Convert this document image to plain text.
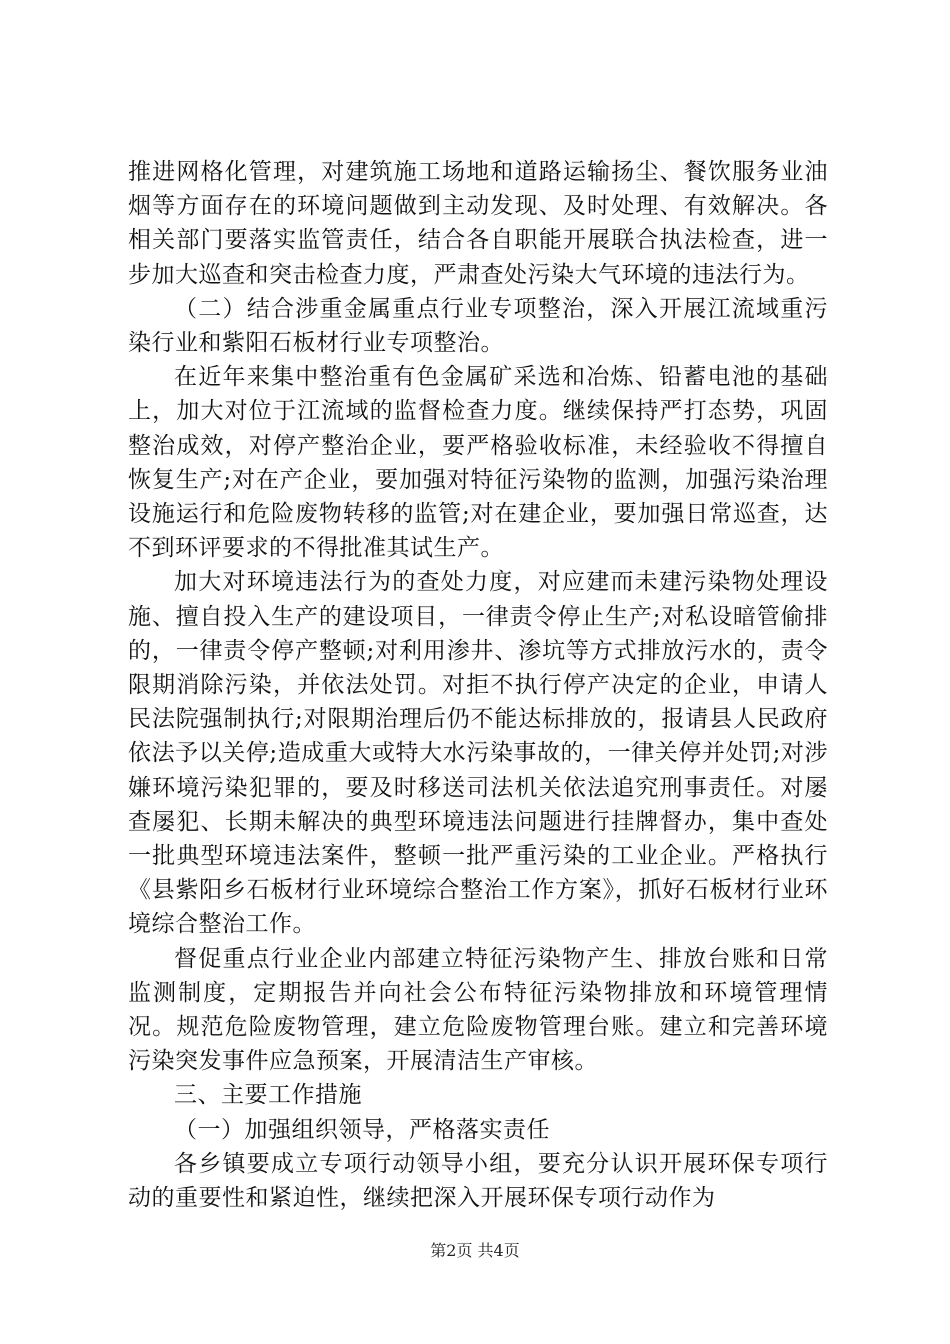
推进网格化管理，对建筑施工场地和道路运输扬尘、餐饮服务业油烟等方面存在的环境问题做到主动发现、及时处理、有效解决。各相关部门要落实监管责任，结合各自职能开展联合执法检查，进一步加大巡查和突击检查力度，严肃查处污染大气环境的违法行为。

（二）结合涉重金属重点行业专项整治，深入开展江流域重污染行业和紫阳石板材行业专项整治。

在近年来集中整治重有色金属矿采选和冶炼、铅蓄电池的基础上，加大对位于江流域的监督检查力度。继续保持严打态势，巩固整治成效，对停产整治企业，要严格验收标准，未经验收不得擅自恢复生产;对在产企业，要加强对特征污染物的监测，加强污染治理设施运行和危险废物转移的监管;对在建企业，要加强日常巡查，达不到环评要求的不得批准其试生产。

加大对环境违法行为的查处力度，对应建而未建污染物处理设施、擅自投入生产的建设项目，一律责令停止生产;对私设暗管偷排的，一律责令停产整顿;对利用渗井、渗坑等方式排放污水的，责令限期消除污染，并依法处罚。对拒不执行停产决定的企业，申请人民法院强制执行;对限期治理后仍不能达标排放的，报请县人民政府依法予以关停;造成重大或特大水污染事故的，一律关停并处罚;对涉嫌环境污染犯罪的，要及时移送司法机关依法追究刑事责任。对屡查屡犯、长期未解决的典型环境违法问题进行挂牌督办，集中查处一批典型环境违法案件，整顿一批严重污染的工业企业。严格执行《县紫阳乡石板材行业环境综合整治工作方案》，抓好石板材行业环境综合整治工作。

督促重点行业企业内部建立特征污染物产生、排放台账和日常监测制度，定期报告并向社会公布特征污染物排放和环境管理情况。规范危险废物管理，建立危险废物管理台账。建立和完善环境污染突发事件应急预案，开展清洁生产审核。

三、主要工作措施

（一）加强组织领导，严格落实责任

各乡镇要成立专项行动领导小组，要充分认识开展环保专项行动的重要性和紧迫性，继续把深入开展环保专项行动作为

第2页 共4页
